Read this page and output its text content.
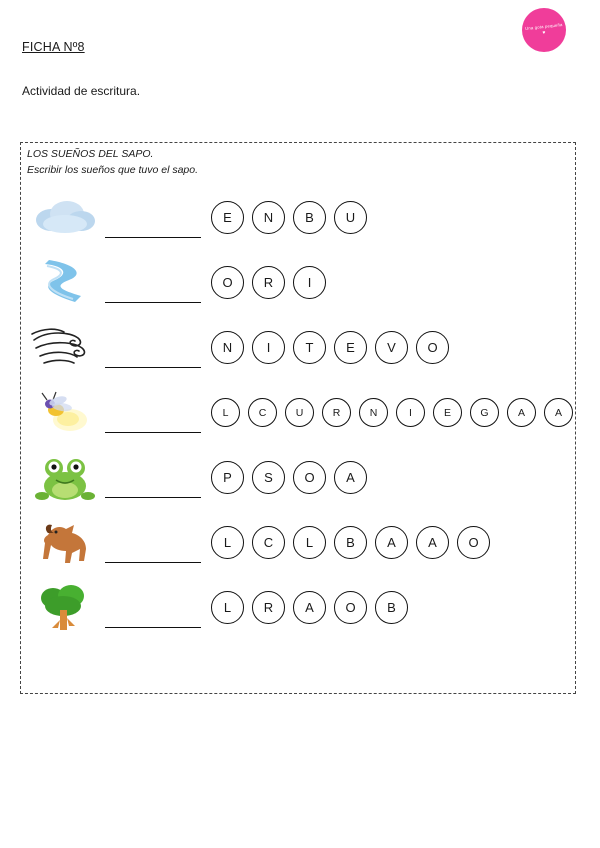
Una gota pequeña
♥
FICHA Nº8
Actividad de escritura.
LOS SUEÑOS DEL SAPO.
Escribir los sueños que tuvo el sapo.
E	N	B	U
O	R	I
N	I	T	E	V	O
L	C	U	R	N	I	E	G	A	A
P	S	O	A
L	C	L	B	A	A	O
L	R	A	O	B
